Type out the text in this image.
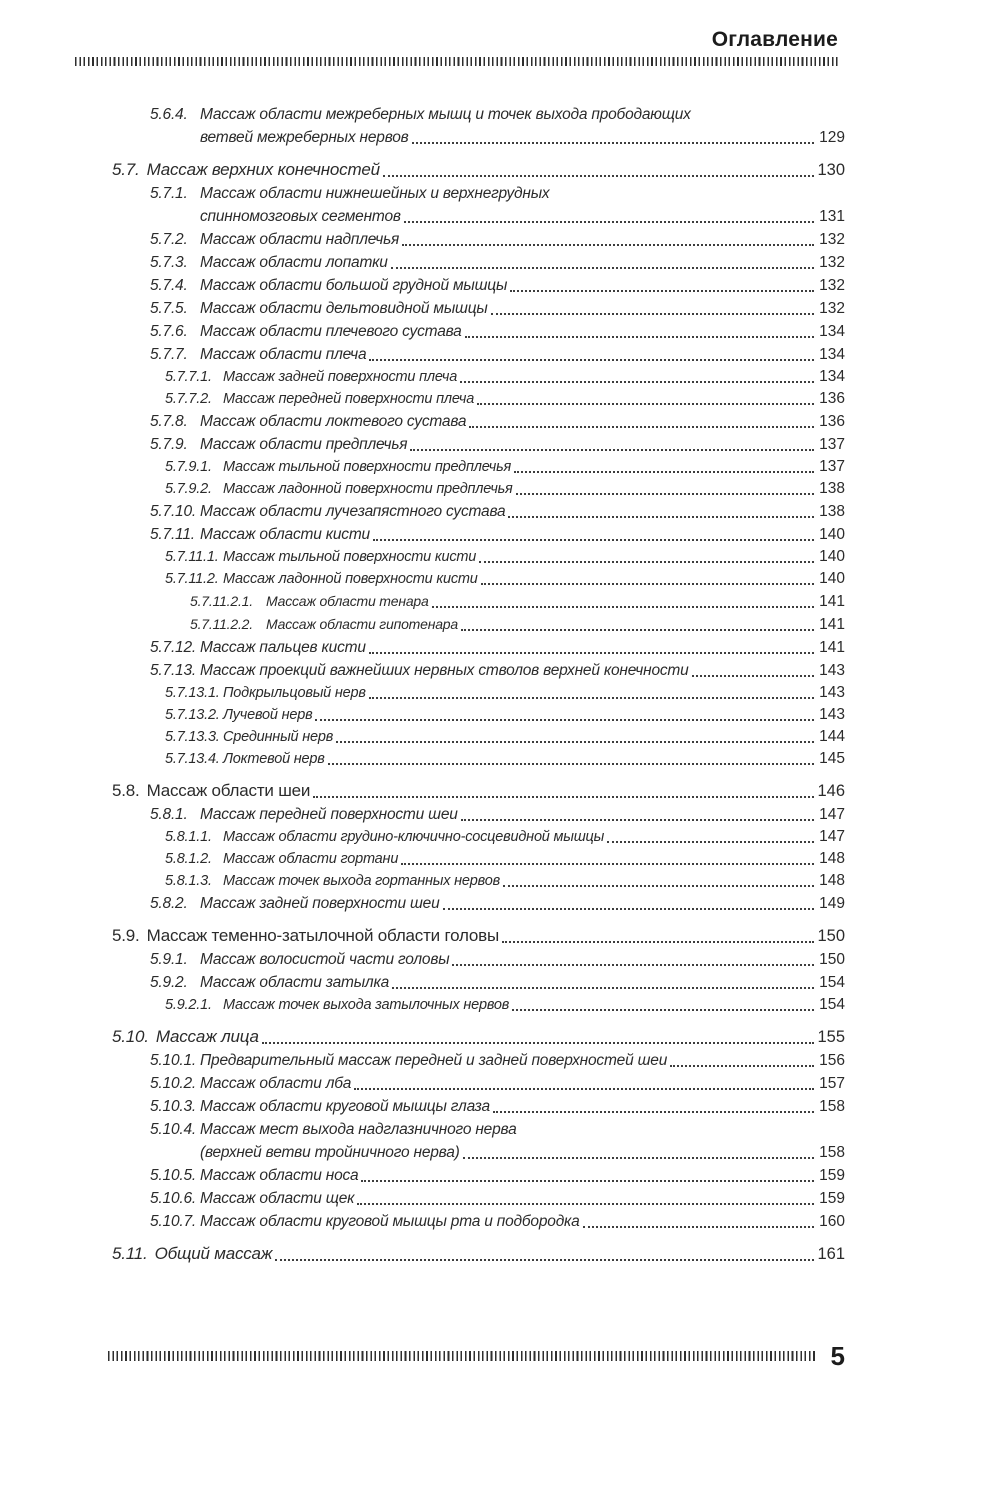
Оглавление
5.6.4. Массаж области межреберных мышц и точек выхода прободающих
ветвей межреберных нервов	129
5.7. Массаж верхних конечностей	130
5.7.1. Массаж области нижнешейных и верхнегрудных
спинномозговых сегментов	131
5.7.2. Массаж области надплечья	132
5.7.3. Массаж области лопатки	132
5.7.4. Массаж области большой грудной мышцы	132
5.7.5. Массаж области дельтовидной мышцы	132
5.7.6. Массаж области плечевого сустава	134
5.7.7. Массаж области плеча	134
5.7.7.1. Массаж задней поверхности плеча	134
5.7.7.2. Массаж передней поверхности плеча	136
5.7.8. Массаж области локтевого сустава	136
5.7.9. Массаж области предплечья	137
5.7.9.1. Массаж тыльной поверхности предплечья	137
5.7.9.2. Массаж ладонной поверхности предплечья	138
5.7.10. Массаж области лучезапястного сустава	138
5.7.11. Массаж области кисти	140
5.7.11.1. Массаж тыльной поверхности кисти	140
5.7.11.2. Массаж ладонной поверхности кисти	140
5.7.11.2.1. Массаж области тенара	141
5.7.11.2.2. Массаж области гипотенара	141
5.7.12. Массаж пальцев кисти	141
5.7.13. Массаж проекций важнейших нервных стволов верхней конечности	143
5.7.13.1. Подкрыльцовый нерв	143
5.7.13.2. Лучевой нерв	143
5.7.13.3. Срединный нерв	144
5.7.13.4. Локтевой нерв	145
5.8. Массаж области шеи	146
5.8.1. Массаж передней поверхности шеи	147
5.8.1.1. Массаж области грудино-ключично-сосцевидной мышцы	147
5.8.1.2. Массаж области гортани	148
5.8.1.3. Массаж точек выхода гортанных нервов	148
5.8.2. Массаж задней поверхности шеи	149
5.9. Массаж теменно-затылочной области головы	150
5.9.1. Массаж волосистой части головы	150
5.9.2. Массаж области затылка	154
5.9.2.1. Массаж точек выхода затылочных нервов	154
5.10. Массаж лица	155
5.10.1. Предварительный массаж передней и задней поверхностей шеи	156
5.10.2. Массаж области лба	157
5.10.3. Массаж области круговой мышцы глаза	158
5.10.4. Массаж мест выхода надглазничного нерва
(верхней ветви тройничного нерва)	158
5.10.5. Массаж области носа	159
5.10.6. Массаж области щек	159
5.10.7. Массаж области круговой мышцы рта и подбородка	160
5.11. Общий массаж	161
5
